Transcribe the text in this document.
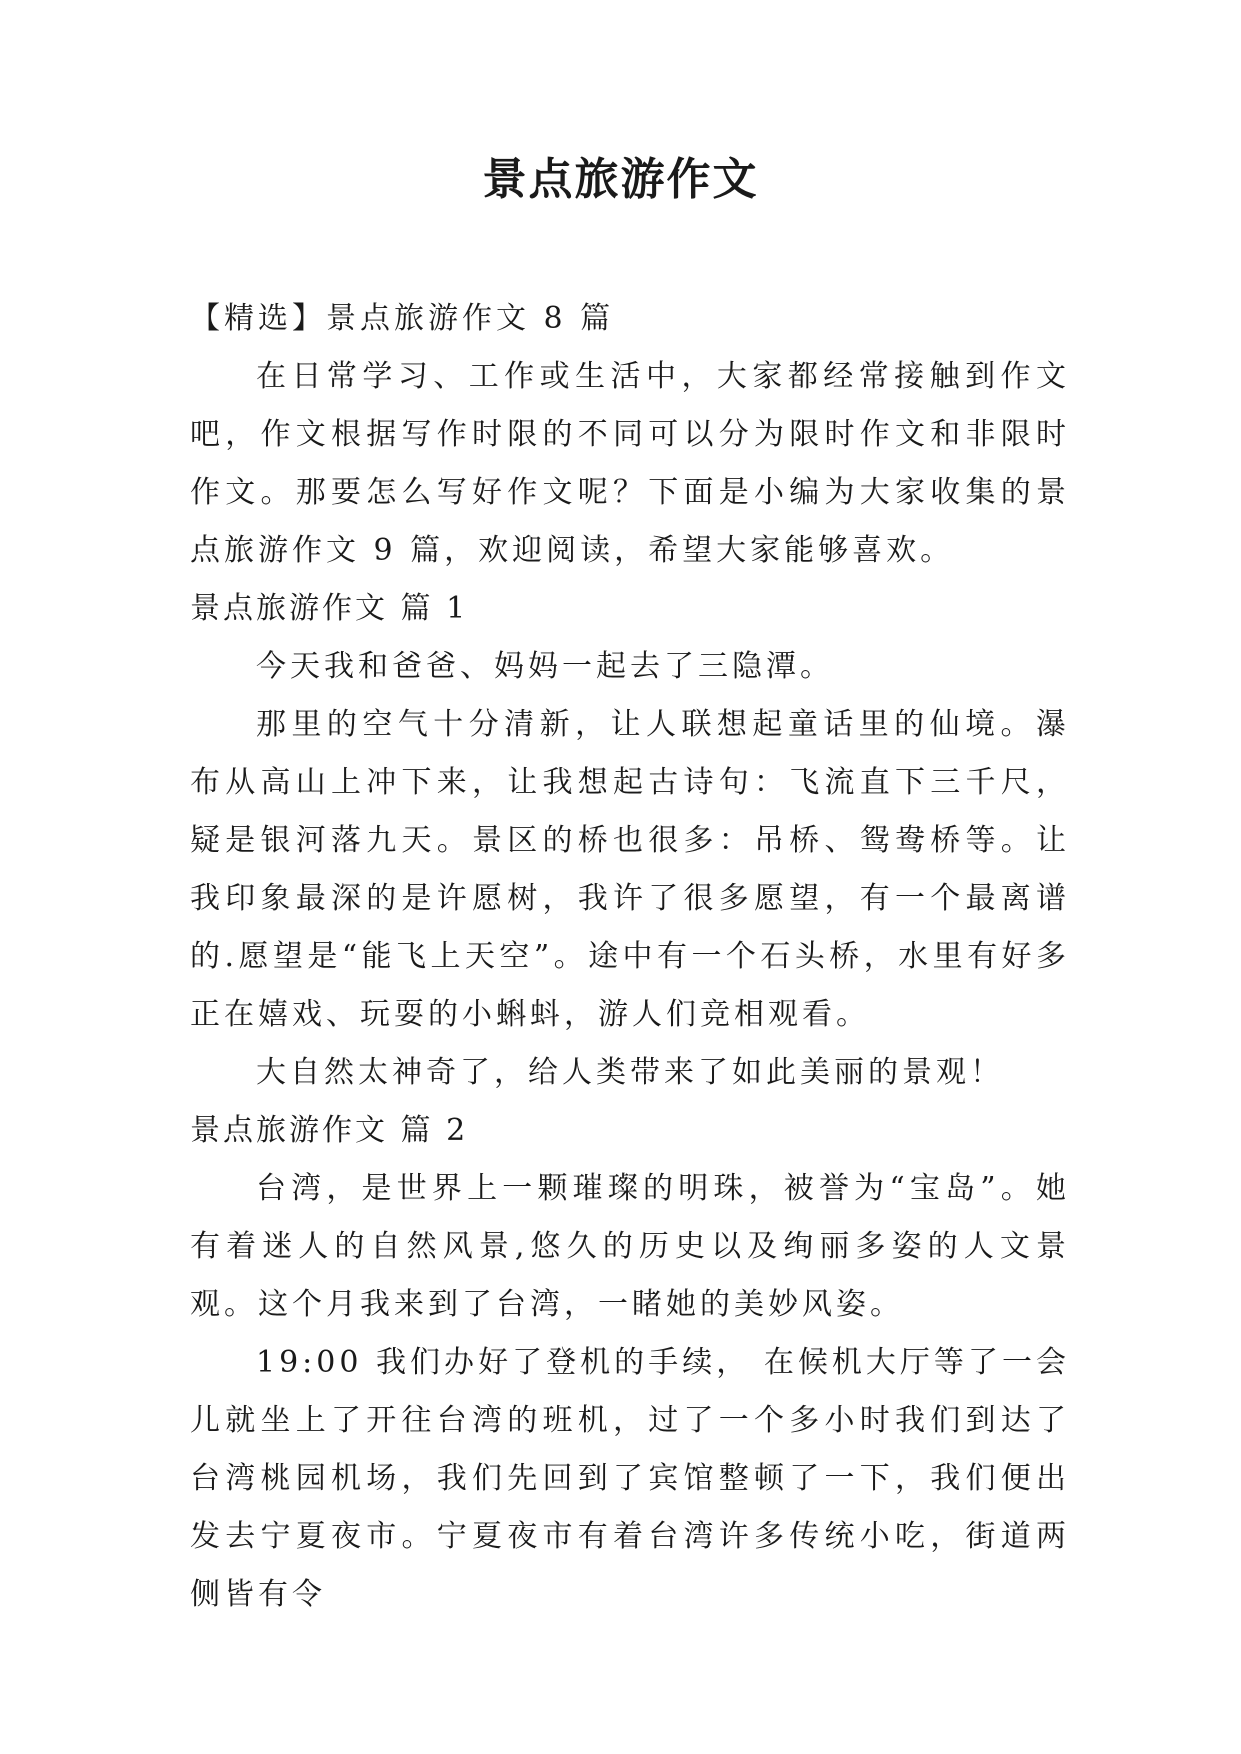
景点旅游作文

【精选】景点旅游作文 8 篇

在日常学习、工作或生活中，大家都经常接触到作文吧，作文根据写作时限的不同可以分为限时作文和非限时作文。那要怎么写好作文呢？下面是小编为大家收集的景点旅游作文 9 篇，欢迎阅读，希望大家能够喜欢。

景点旅游作文 篇 1

今天我和爸爸、妈妈一起去了三隐潭。

那里的空气十分清新，让人联想起童话里的仙境。瀑布从高山上冲下来，让我想起古诗句：飞流直下三千尺，疑是银河落九天。景区的桥也很多：吊桥、鸳鸯桥等。让我印象最深的是许愿树，我许了很多愿望，有一个最离谱的.愿望是“能飞上天空”。途中有一个石头桥，水里有好多正在嬉戏、玩耍的小蝌蚪，游人们竞相观看。

大自然太神奇了，给人类带来了如此美丽的景观！

景点旅游作文 篇 2

台湾，是世界上一颗璀璨的明珠，被誉为“宝岛”。她有着迷人的自然风景,悠久的历史以及绚丽多姿的人文景观。这个月我来到了台湾，一睹她的美妙风姿。

19:00 我们办好了登机的手续， 在候机大厅等了一会儿就坐上了开往台湾的班机，过了一个多小时我们到达了台湾桃园机场，我们先回到了宾馆整顿了一下，我们便出发去宁夏夜市。宁夏夜市有着台湾许多传统小吃，街道两侧皆有令
